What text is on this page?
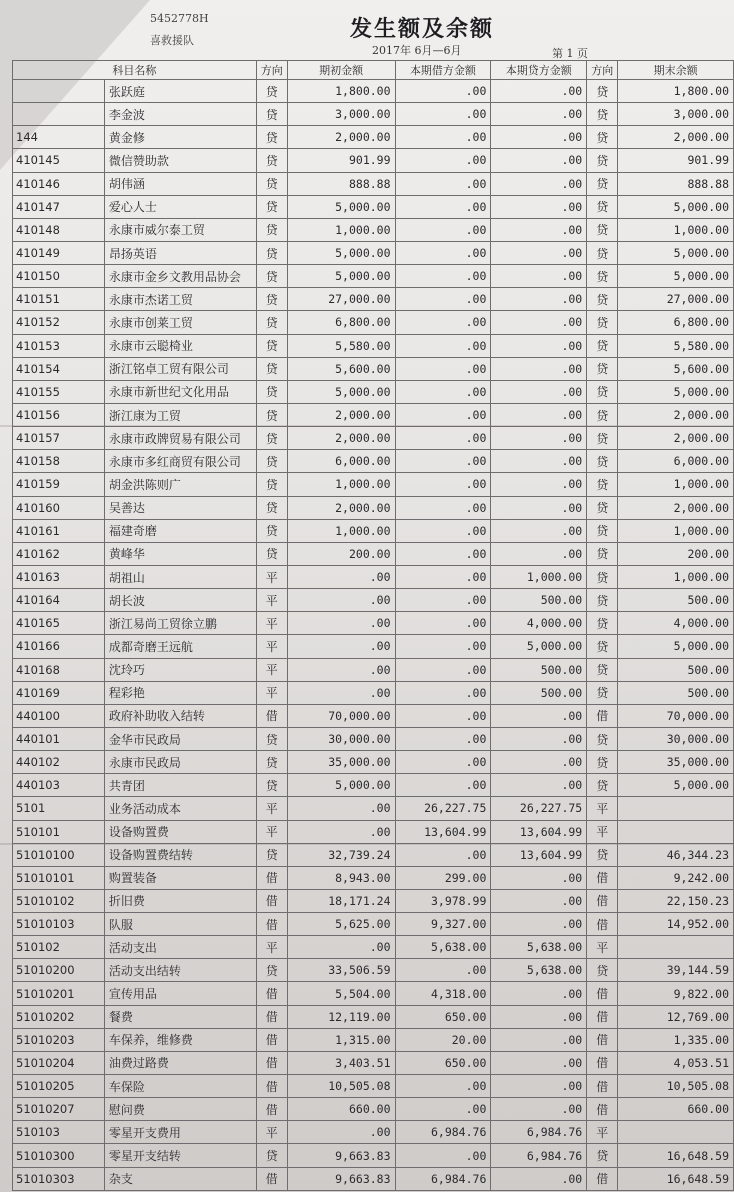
5452778H
喜救援队	发生额及余额
2017年 6月—6月	第 1 页
科目名称		方向	期初金额	本期借方金额	本期贷方金额	方向	期末余额
	张跃庭	贷	1,800.00	.00	.00	贷	1,800.00
	李金波	贷	3,000.00	.00	.00	贷	3,000.00
144	黄金修	贷	2,000.00	.00	.00	贷	2,000.00
410145	微信赞助款	贷	901.99	.00	.00	贷	901.99
410146	胡伟涵	贷	888.88	.00	.00	贷	888.88
410147	爱心人士	贷	5,000.00	.00	.00	贷	5,000.00
410148	永康市威尔泰工贸	贷	1,000.00	.00	.00	贷	1,000.00
410149	昂扬英语	贷	5,000.00	.00	.00	贷	5,000.00
410150	永康市金乡文教用品协会	贷	5,000.00	.00	.00	贷	5,000.00
410151	永康市杰诺工贸	贷	27,000.00	.00	.00	贷	27,000.00
410152	永康市创莱工贸	贷	6,800.00	.00	.00	贷	6,800.00
410153	永康市云聪椅业	贷	5,580.00	.00	.00	贷	5,580.00
410154	浙江铭卓工贸有限公司	贷	5,600.00	.00	.00	贷	5,600.00
410155	永康市新世纪文化用品	贷	5,000.00	.00	.00	贷	5,000.00
410156	浙江康为工贸	贷	2,000.00	.00	.00	贷	2,000.00
410157	永康市政牌贸易有限公司	贷	2,000.00	.00	.00	贷	2,000.00
410158	永康市多红商贸有限公司	贷	6,000.00	.00	.00	贷	6,000.00
410159	胡金洪陈则广	贷	1,000.00	.00	.00	贷	1,000.00
410160	吴善达	贷	2,000.00	.00	.00	贷	2,000.00
410161	福建奇磨	贷	1,000.00	.00	.00	贷	1,000.00
410162	黄峰华	贷	200.00	.00	.00	贷	200.00
410163	胡祖山	平	.00	.00	1,000.00	贷	1,000.00
410164	胡长波	平	.00	.00	500.00	贷	500.00
410165	浙江易尚工贸徐立鹏	平	.00	.00	4,000.00	贷	4,000.00
410166	成都奇磨王远航	平	.00	.00	5,000.00	贷	5,000.00
410168	沈玲巧	平	.00	.00	500.00	贷	500.00
410169	程彩艳	平	.00	.00	500.00	贷	500.00
440100	政府补助收入结转	借	70,000.00	.00	.00	借	70,000.00
440101	金华市民政局	贷	30,000.00	.00	.00	贷	30,000.00
440102	永康市民政局	贷	35,000.00	.00	.00	贷	35,000.00
440103	共青团	贷	5,000.00	.00	.00	贷	5,000.00
5101	业务活动成本	平	.00	26,227.75	26,227.75	平	
510101	设备购置费	平	.00	13,604.99	13,604.99	平	
51010100	设备购置费结转	贷	32,739.24	.00	13,604.99	贷	46,344.23
51010101	购置装备	借	8,943.00	299.00	.00	借	9,242.00
51010102	折旧费	借	18,171.24	3,978.99	.00	借	22,150.23
51010103	队服	借	5,625.00	9,327.00	.00	借	14,952.00
510102	活动支出	平	.00	5,638.00	5,638.00	平	
51010200	活动支出结转	贷	33,506.59	.00	5,638.00	贷	39,144.59
51010201	宣传用品	借	5,504.00	4,318.00	.00	借	9,822.00
51010202	餐费	借	12,119.00	650.00	.00	借	12,769.00
51010203	车保养，维修费	借	1,315.00	20.00	.00	借	1,335.00
51010204	油费过路费	借	3,403.51	650.00	.00	借	4,053.51
51010205	车保险	借	10,505.08	.00	.00	借	10,505.08
51010207	慰问费	借	660.00	.00	.00	借	660.00
510103	零星开支费用	平	.00	6,984.76	6,984.76	平	
51010300	零星开支结转	贷	9,663.83	.00	6,984.76	贷	16,648.59
51010303	杂支	借	9,663.83	6,984.76	.00	借	16,648.59
